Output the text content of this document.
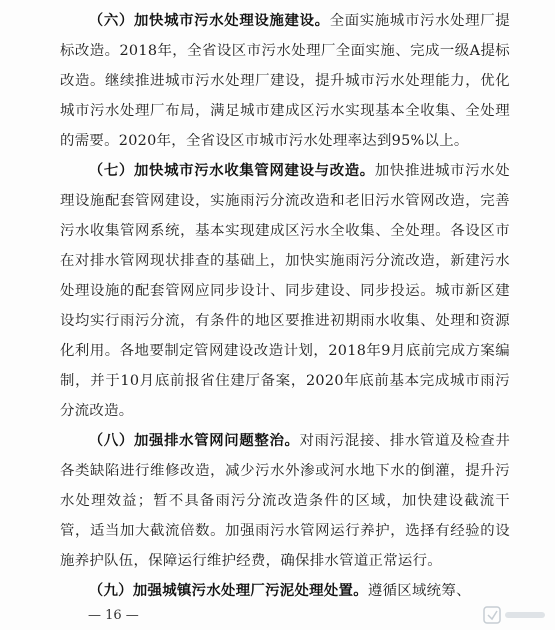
（六）加快城市污水处理设施建设。全面实施城市污水处理厂提标改造。2018年，全省设区市污水处理厂全面实施、完成一级A提标改造。继续推进城市污水处理厂建设，提升城市污水处理能力，优化城市污水处理厂布局，满足城市建成区污水实现基本全收集、全处理的需要。2020年，全省设区市城市污水处理率达到95%以上。

（七）加快城市污水收集管网建设与改造。加快推进城市污水处理设施配套管网建设，实施雨污分流改造和老旧污水管网改造，完善污水收集管网系统，基本实现建成区污水全收集、全处理。各设区市在对排水管网现状排查的基础上，加快实施雨污分流改造，新建污水处理设施的配套管网应同步设计、同步建设、同步投运。城市新区建设均实行雨污分流，有条件的地区要推进初期雨水收集、处理和资源化利用。各地要制定管网建设改造计划，2018年9月底前完成方案编制，并于10月底前报省住建厅备案，2020年底前基本完成城市雨污分流改造。

（八）加强排水管网问题整治。对雨污混接、排水管道及检查井各类缺陷进行维修改造，减少污水外渗或河水地下水的倒灌，提升污水处理效益；暂不具备雨污分流改造条件的区域，加快建设截流干管，适当加大截流倍数。加强雨污水管网运行养护，选择有经验的设施养护队伍，保障运行维护经费，确保排水管道正常运行。

（九）加强城镇污水处理厂污泥处理处置。遵循区域统筹、

— 16 —
